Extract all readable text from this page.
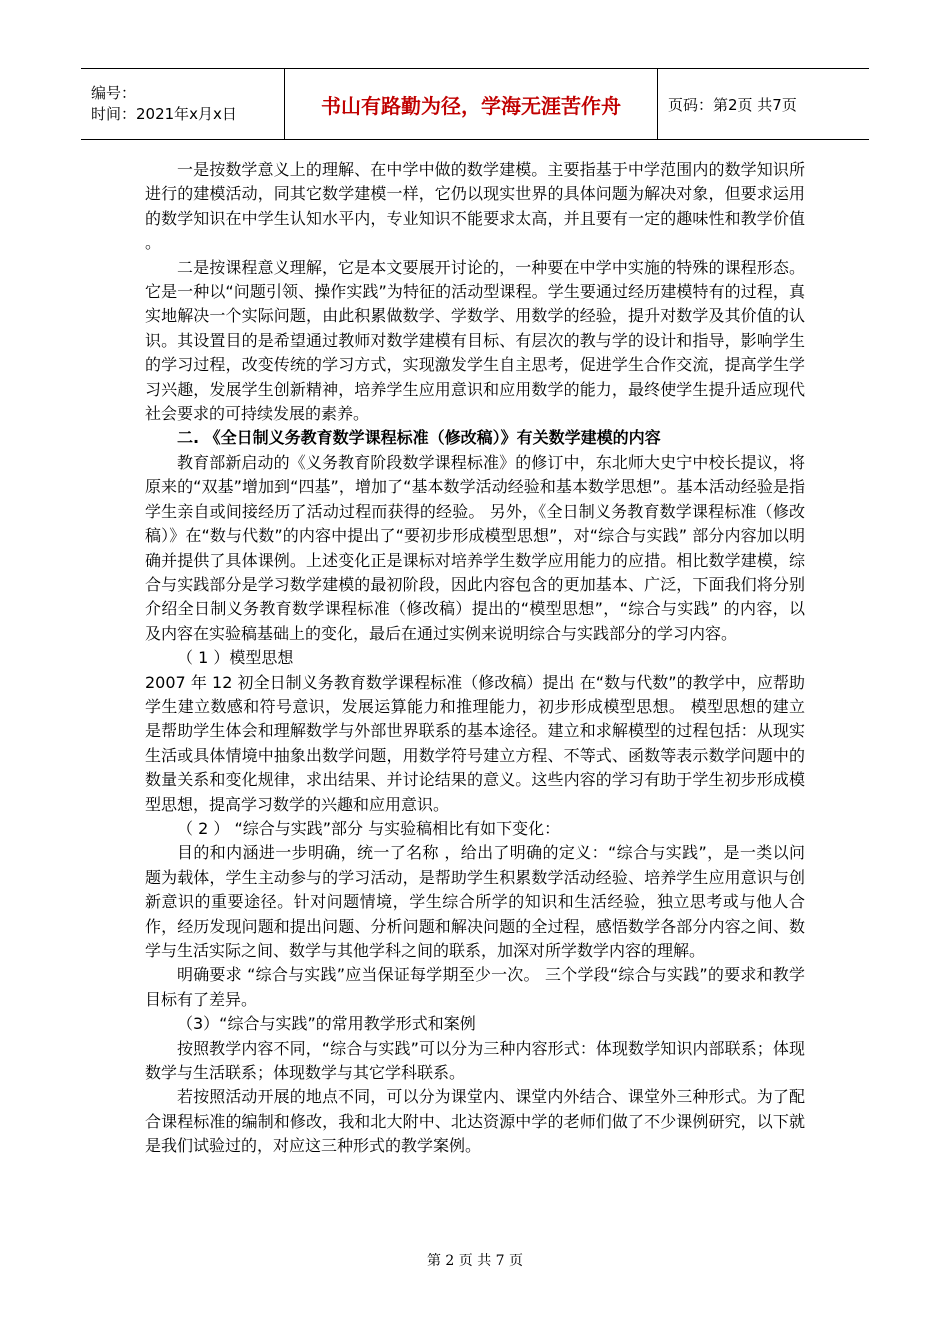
编号：
时间：2021年x月x日	书山有路勤为径，学海无涯苦作舟	页码：第2页 共7页

一是按数学意义上的理解、在中学中做的数学建模。主要指基于中学范围内的数学知识所进行的建模活动，同其它数学建模一样，它仍以现实世界的具体问题为解决对象，但要求运用的数学知识在中学生认知水平内，专业知识不能要求太高，并且要有一定的趣味性和教学价值 。

二是按课程意义理解，它是本文要展开讨论的，一种要在中学中实施的特殊的课程形态。它是一种以“问题引领、操作实践”为特征的活动型课程。学生要通过经历建模特有的过程，真实地解决一个实际问题，由此积累做数学、学数学、用数学的经验，提升对数学及其价值的认识。其设置目的是希望通过教师对数学建模有目标、有层次的教与学的设计和指导，影响学生的学习过程，改变传统的学习方式，实现激发学生自主思考，促进学生合作交流，提高学生学习兴趣，发展学生创新精神，培养学生应用意识和应用数学的能力，最终使学生提升适应现代社会要求的可持续发展的素养。

二. 《全日制义务教育数学课程标准（修改稿）》有关数学建模的内容

教育部新启动的《义务教育阶段数学课程标准》的修订中，东北师大史宁中校长提议，将原来的“双基”增加到“四基”，增加了“基本数学活动经验和基本数学思想”。基本活动经验是指学生亲自或间接经历了活动过程而获得的经验。 另外，《全日制义务教育数学课程标准（修改稿）》在“数与代数”的内容中提出了“要初步形成模型思想”，对“综合与实践” 部分内容加以明确并提供了具体课例。上述变化正是课标对培养学生数学应用能力的应措。相比数学建模，综合与实践部分是学习数学建模的最初阶段，因此内容包含的更加基本、广泛，下面我们将分别介绍全日制义务教育数学课程标准（修改稿）提出的“模型思想”，“综合与实践” 的内容，以及内容在实验稿基础上的变化，最后在通过实例来说明综合与实践部分的学习内容。

（ 1 ）模型思想

2007 年 12 初全日制义务教育数学课程标准（修改稿）提出 在“数与代数”的教学中，应帮助学生建立数感和符号意识，发展运算能力和推理能力，初步形成模型思想。 模型思想的建立是帮助学生体会和理解数学与外部世界联系的基本途径。建立和求解模型的过程包括：从现实生活或具体情境中抽象出数学问题，用数学符号建立方程、不等式、函数等表示数学问题中的数量关系和变化规律，求出结果、并讨论结果的意义。这些内容的学习有助于学生初步形成模型思想，提高学习数学的兴趣和应用意识。

（ 2 ） “综合与实践”部分 与实验稿相比有如下变化：

目的和内涵进一步明确，统一了名称 ，给出了明确的定义：“综合与实践”，是一类以问题为载体，学生主动参与的学习活动，是帮助学生积累数学活动经验、培养学生应用意识与创新意识的重要途径。针对问题情境，学生综合所学的知识和生活经验，独立思考或与他人合作，经历发现问题和提出问题、分析问题和解决问题的全过程，感悟数学各部分内容之间、数学与生活实际之间、数学与其他学科之间的联系，加深对所学数学内容的理解。

明确要求 “综合与实践”应当保证每学期至少一次。 三个学段“综合与实践”的要求和教学目标有了差异。

（3）“综合与实践”的常用教学形式和案例

按照教学内容不同，“综合与实践”可以分为三种内容形式：体现数学知识内部联系；体现数学与生活联系；体现数学与其它学科联系。

若按照活动开展的地点不同，可以分为课堂内、课堂内外结合、课堂外三种形式。为了配合课程标准的编制和修改，我和北大附中、北达资源中学的老师们做了不少课例研究，以下就是我们试验过的，对应这三种形式的教学案例。

第 2 页 共 7 页
